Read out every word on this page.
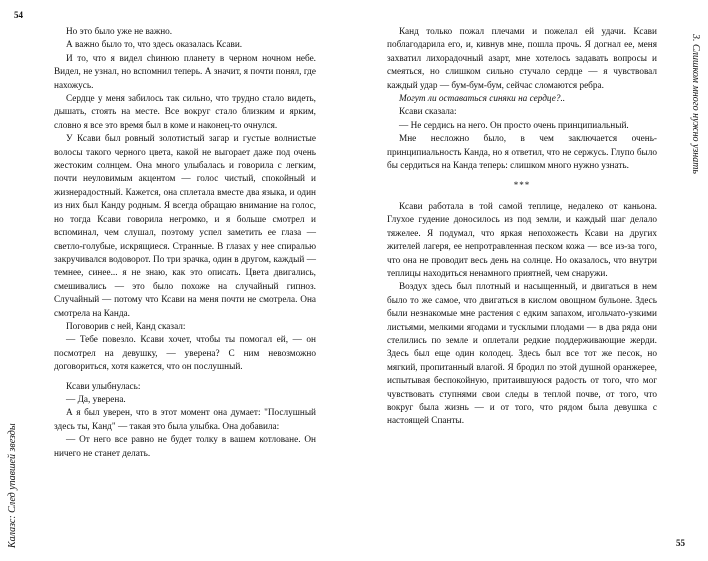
54
Калазс: След упавшей звезды

Но это было уже не важно.

А важно было то, что здесь оказалась Ксави.

И то, что я видел chинюю планету в черном ночном небе. Видел, не узнал, но вспомнил теперь. А значит, я почти понял, где нахожусь.

Сердце у меня забилось так сильно, что трудно стало видеть, дышать, стоять на месте. Все вокруг стало близким и ярким, словно я все это время был в коме и наконец-то очнулся.

У Ксави был ровный золотистый загар и густые волнистые волосы такого черного цвета, какой не выгорает даже под очень жестоким солнцем. Она много улыбалась и говорила с легким, почти неуловимым акцентом — голос чистый, спокойный и жизнерадостный. Кажется, она сплетала вместе два языка, и один из них был Канду родным. Я всегда обращаю внимание на голос, но тогда Ксави говорила негромко, и я больше смотрел и вспоминал, чем слушал, поэтому успел заметить ее глаза — светло-голубые, искрящиеся. Странные. В глазах у нее спиралью закручивался водоворот. По три зрачка, один в другом, каждый — темнее, синее... я не знаю, как это описать. Цвета двигались, смешивались — это было похоже на случайный гипноз. Случайный — потому что Ксави на меня почти не смотрела. Она смотрела на Канда.

Поговорив с ней, Канд сказал:

— Тебе повезло. Ксави хочет, чтобы ты помогал ей, — он посмотрел на девушку, — уверена? С ним невозможно договориться, хотя кажется, что он послушный.

Ксави улыбнулась:

— Да, уверена.

А я был уверен, что в этот момент она думает: "Послушный здесь ты, Канд" — такая это была улыбка. Она добавила:

— От него все равно не будет толку в вашем котловане. Он ничего не станет делать.

3. Слишком много нужно узнать
55

Канд только пожал плечами и пожелал ей удачи. Ксави поблагодарила его, и, кивнув мне, пошла прочь. Я догнал ее, меня захватил лихорадочный азарт, мне хотелось задавать вопросы и смеяться, но слишком сильно стучало сердце — я чувствовал каждый удар — бум-бум-бум, сейчас сломаются ребра.

Могут ли оставаться синяки на сердце?..

Ксави сказала:

— Не сердись на него. Он просто очень принципиальный.

Мне несложно было, в чем заключается очень-принципиальность Канда, но я ответил, что не сержусь. Глупо было бы сердиться на Канда теперь: слишком много нужно узнать.

***

Ксави работала в той самой теплице, недалеко от каньона. Глухое гудение доносилось из под земли, и каждый шаг делало тяжелее. Я подумал, что яркая непохожесть Ксави на других жителей лагеря, ее непротравленная песком кожа — все из-за того, что она не проводит весь день на солнце. Но оказалось, что внутри теплицы находиться ненамного приятней, чем снаружи.

Воздух здесь был плотный и насыщенный, и двигаться в нем было то же самое, что двигаться в кислом овощном бульоне. Здесь были незнакомые мне растения с едким запахом, игольчато-узкими листьями, мелкими ягодами и тусклыми плодами — в два ряда они стелились по земле и оплетали редкие поддерживающие жерди. Здесь был еще один колодец. Здесь был все тот же песок, но мягкий, пропитанный влагой. Я бродил по этой душной оранжерее, испытывая беспокойную, притаившуюся радость от того, что мог чувствовать ступнями свои следы в теплой почве, от того, что вокруг была жизнь — и от того, что рядом была девушка с настоящей Спанты.
